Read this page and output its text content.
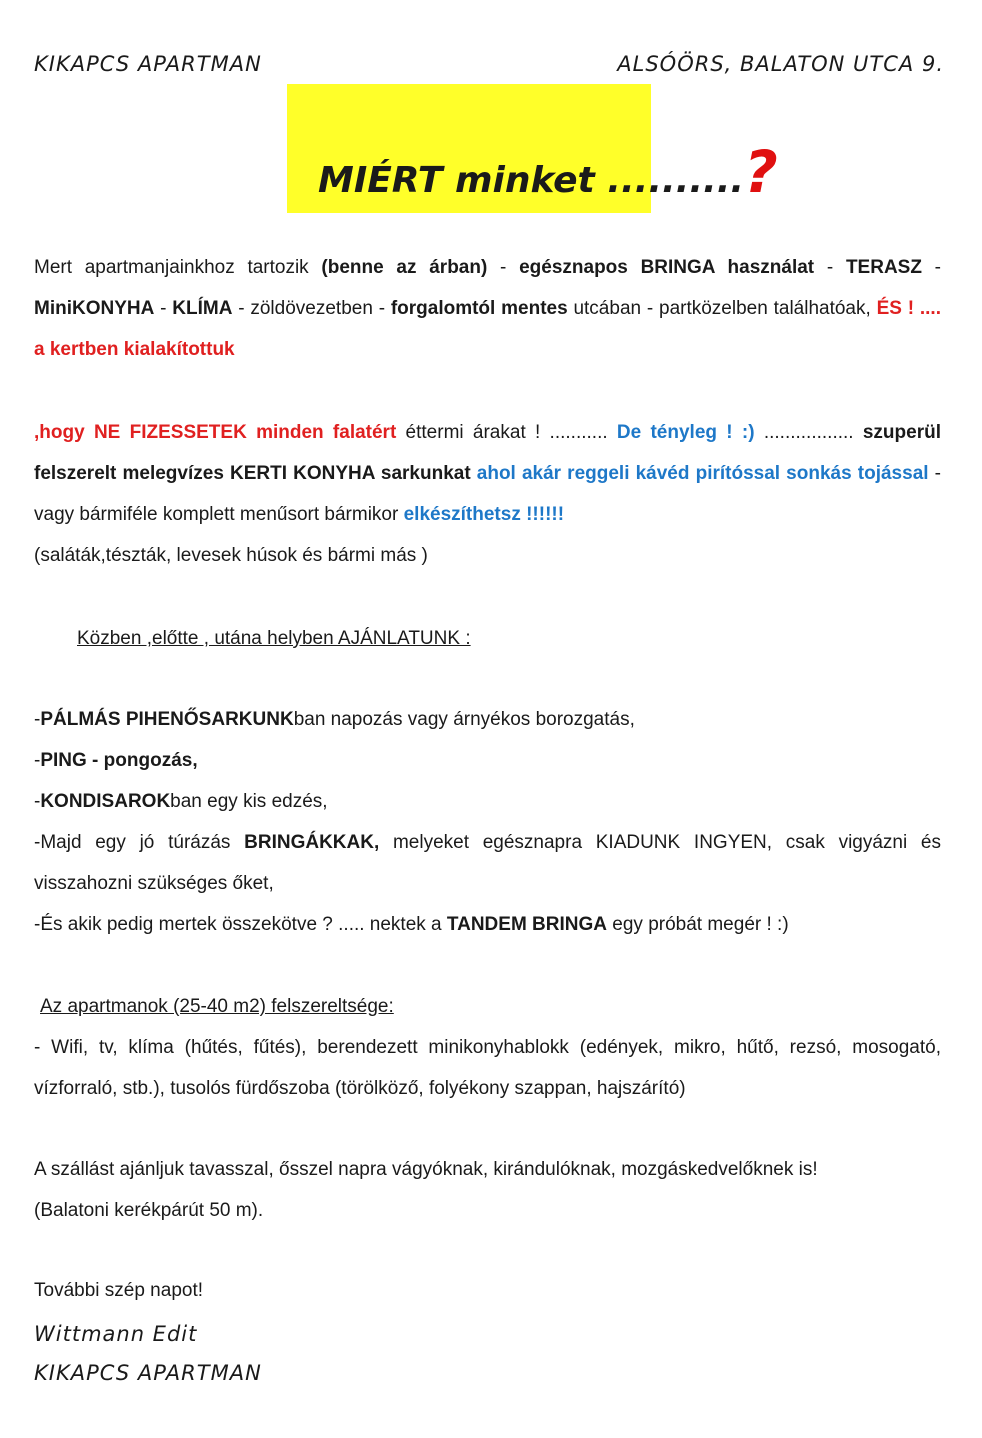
KIKAPCS APARTMAN	ALSÓÖRS, BALATON UTCA 9.
MIÉRT minket ..........?

Mert apartmanjainkhoz tartozik (benne az árban) - egésznapos BRINGA használat - TERASZ - MiniKONYHA - KLÍMA - zöldövezetben - forgalomtól mentes utcában - partközelben találhatóak, ÉS ! .... a kertben kialakítottuk

,hogy NE FIZESSETEK minden falatért éttermi árakat ! ........... De tényleg ! :) ................. szuperül felszerelt melegvízes KERTI KONYHA sarkunkat ahol akár reggeli kávéd pirítóssal sonkás tojással - vagy bármiféle komplett menűsort bármikor elkészíthetsz !!!!!!

(saláták,tészták, levesek húsok és bármi más )

Közben ,előtte , utána helyben AJÁNLATUNK :

-PÁLMÁS PIHENŐSARKUNKban napozás vagy árnyékos borozgatás,

-PING - pongozás,

-KONDISAROKban egy kis edzés,

-Majd egy jó túrázás BRINGÁKKAK, melyeket egésznapra KIADUNK INGYEN, csak vigyázni és visszahozni szükséges őket,

-És akik pedig mertek összekötve ? ..... nektek a TANDEM BRINGA egy próbát megér ! :)

Az apartmanok (25-40 m2) felszereltsége:
- Wifi, tv, klíma (hűtés, fűtés), berendezett minikonyhablokk (edények, mikro, hűtő, rezsó, mosogató, vízforraló, stb.), tusolós fürdőszoba (törölköző, folyékony szappan, hajszárító)

A szállást ajánljuk tavasszal, ősszel napra vágyóknak, kirándulóknak, mozgáskedvelőknek is!

(Balatoni kerékpárút 50 m).

További szép napot!
Wittmann Edit
KIKAPCS APARTMAN
